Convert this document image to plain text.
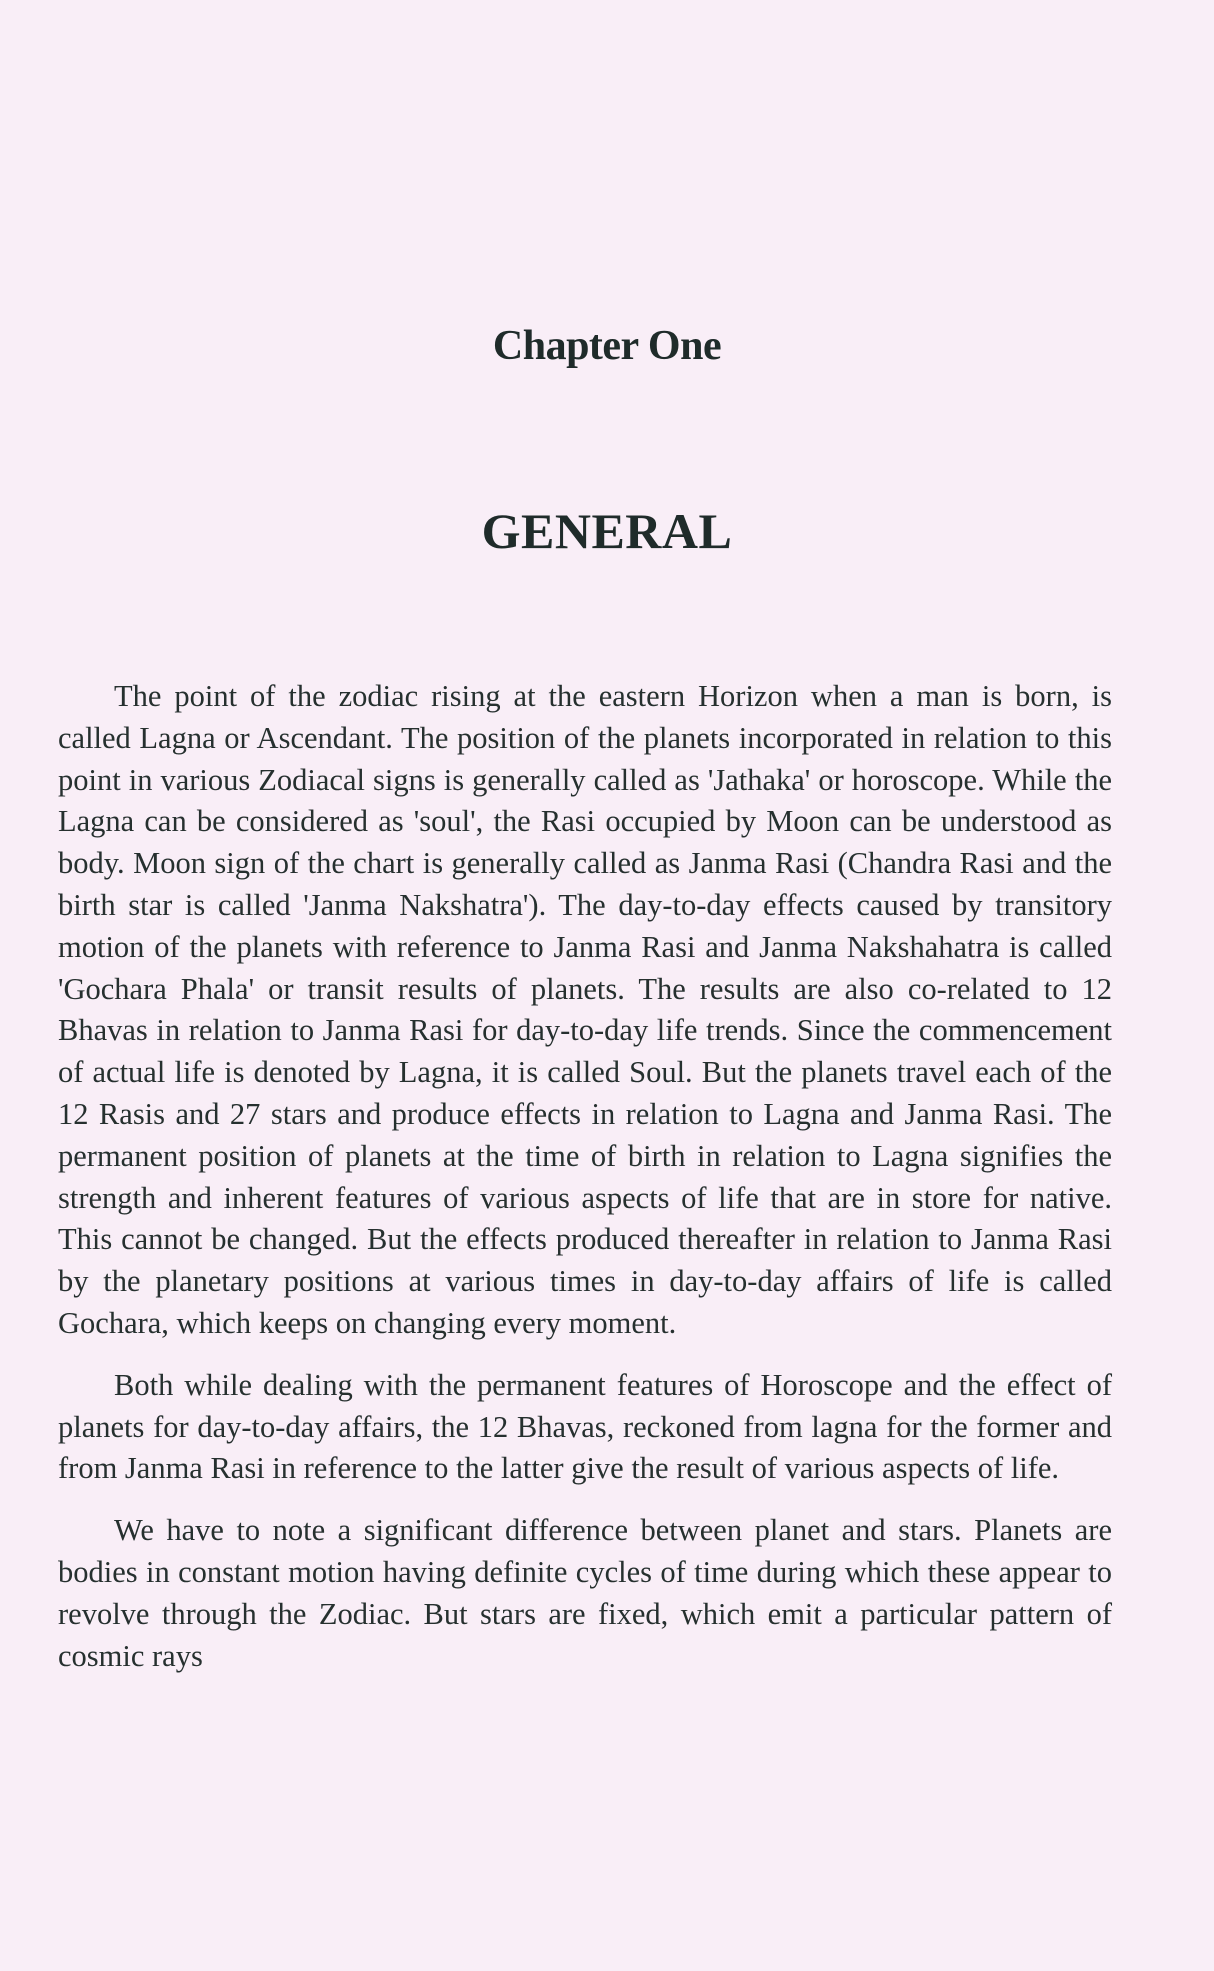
Chapter One
GENERAL

The point of the zodiac rising at the eastern Horizon when a man is born, is called Lagna or Ascendant. The position of the planets incorporated in relation to this point in various Zodiacal signs is generally called as 'Jathaka' or horoscope. While the Lagna can be considered as 'soul', the Rasi occupied by Moon can be understood as body. Moon sign of the chart is generally called as Janma Rasi (Chandra Rasi and the birth star is called 'Janma Nakshatra'). The day-to-day effects caused by transitory motion of the planets with reference to Janma Rasi and Janma Nakshahatra is called 'Gochara Phala' or transit results of planets. The results are also co-related to 12 Bhavas in relation to Janma Rasi for day-to-day life trends. Since the commencement of actual life is denoted by Lagna, it is called Soul. But the planets travel each of the 12 Rasis and 27 stars and produce effects in relation to Lagna and Janma Rasi. The permanent position of planets at the time of birth in relation to Lagna signifies the strength and inherent features of various aspects of life that are in store for native. This cannot be changed. But the effects produced thereafter in relation to Janma Rasi by the planetary positions at various times in day-to-day affairs of life is called Gochara, which keeps on changing every moment.

Both while dealing with the permanent features of Horoscope and the effect of planets for day-to-day affairs, the 12 Bhavas, reckoned from lagna for the former and from Janma Rasi in reference to the latter give the result of various aspects of life.

We have to note a significant difference between planet and stars. Planets are bodies in constant motion having definite cycles of time during which these appear to revolve through the Zodiac. But stars are fixed, which emit a particular pattern of cosmic rays
